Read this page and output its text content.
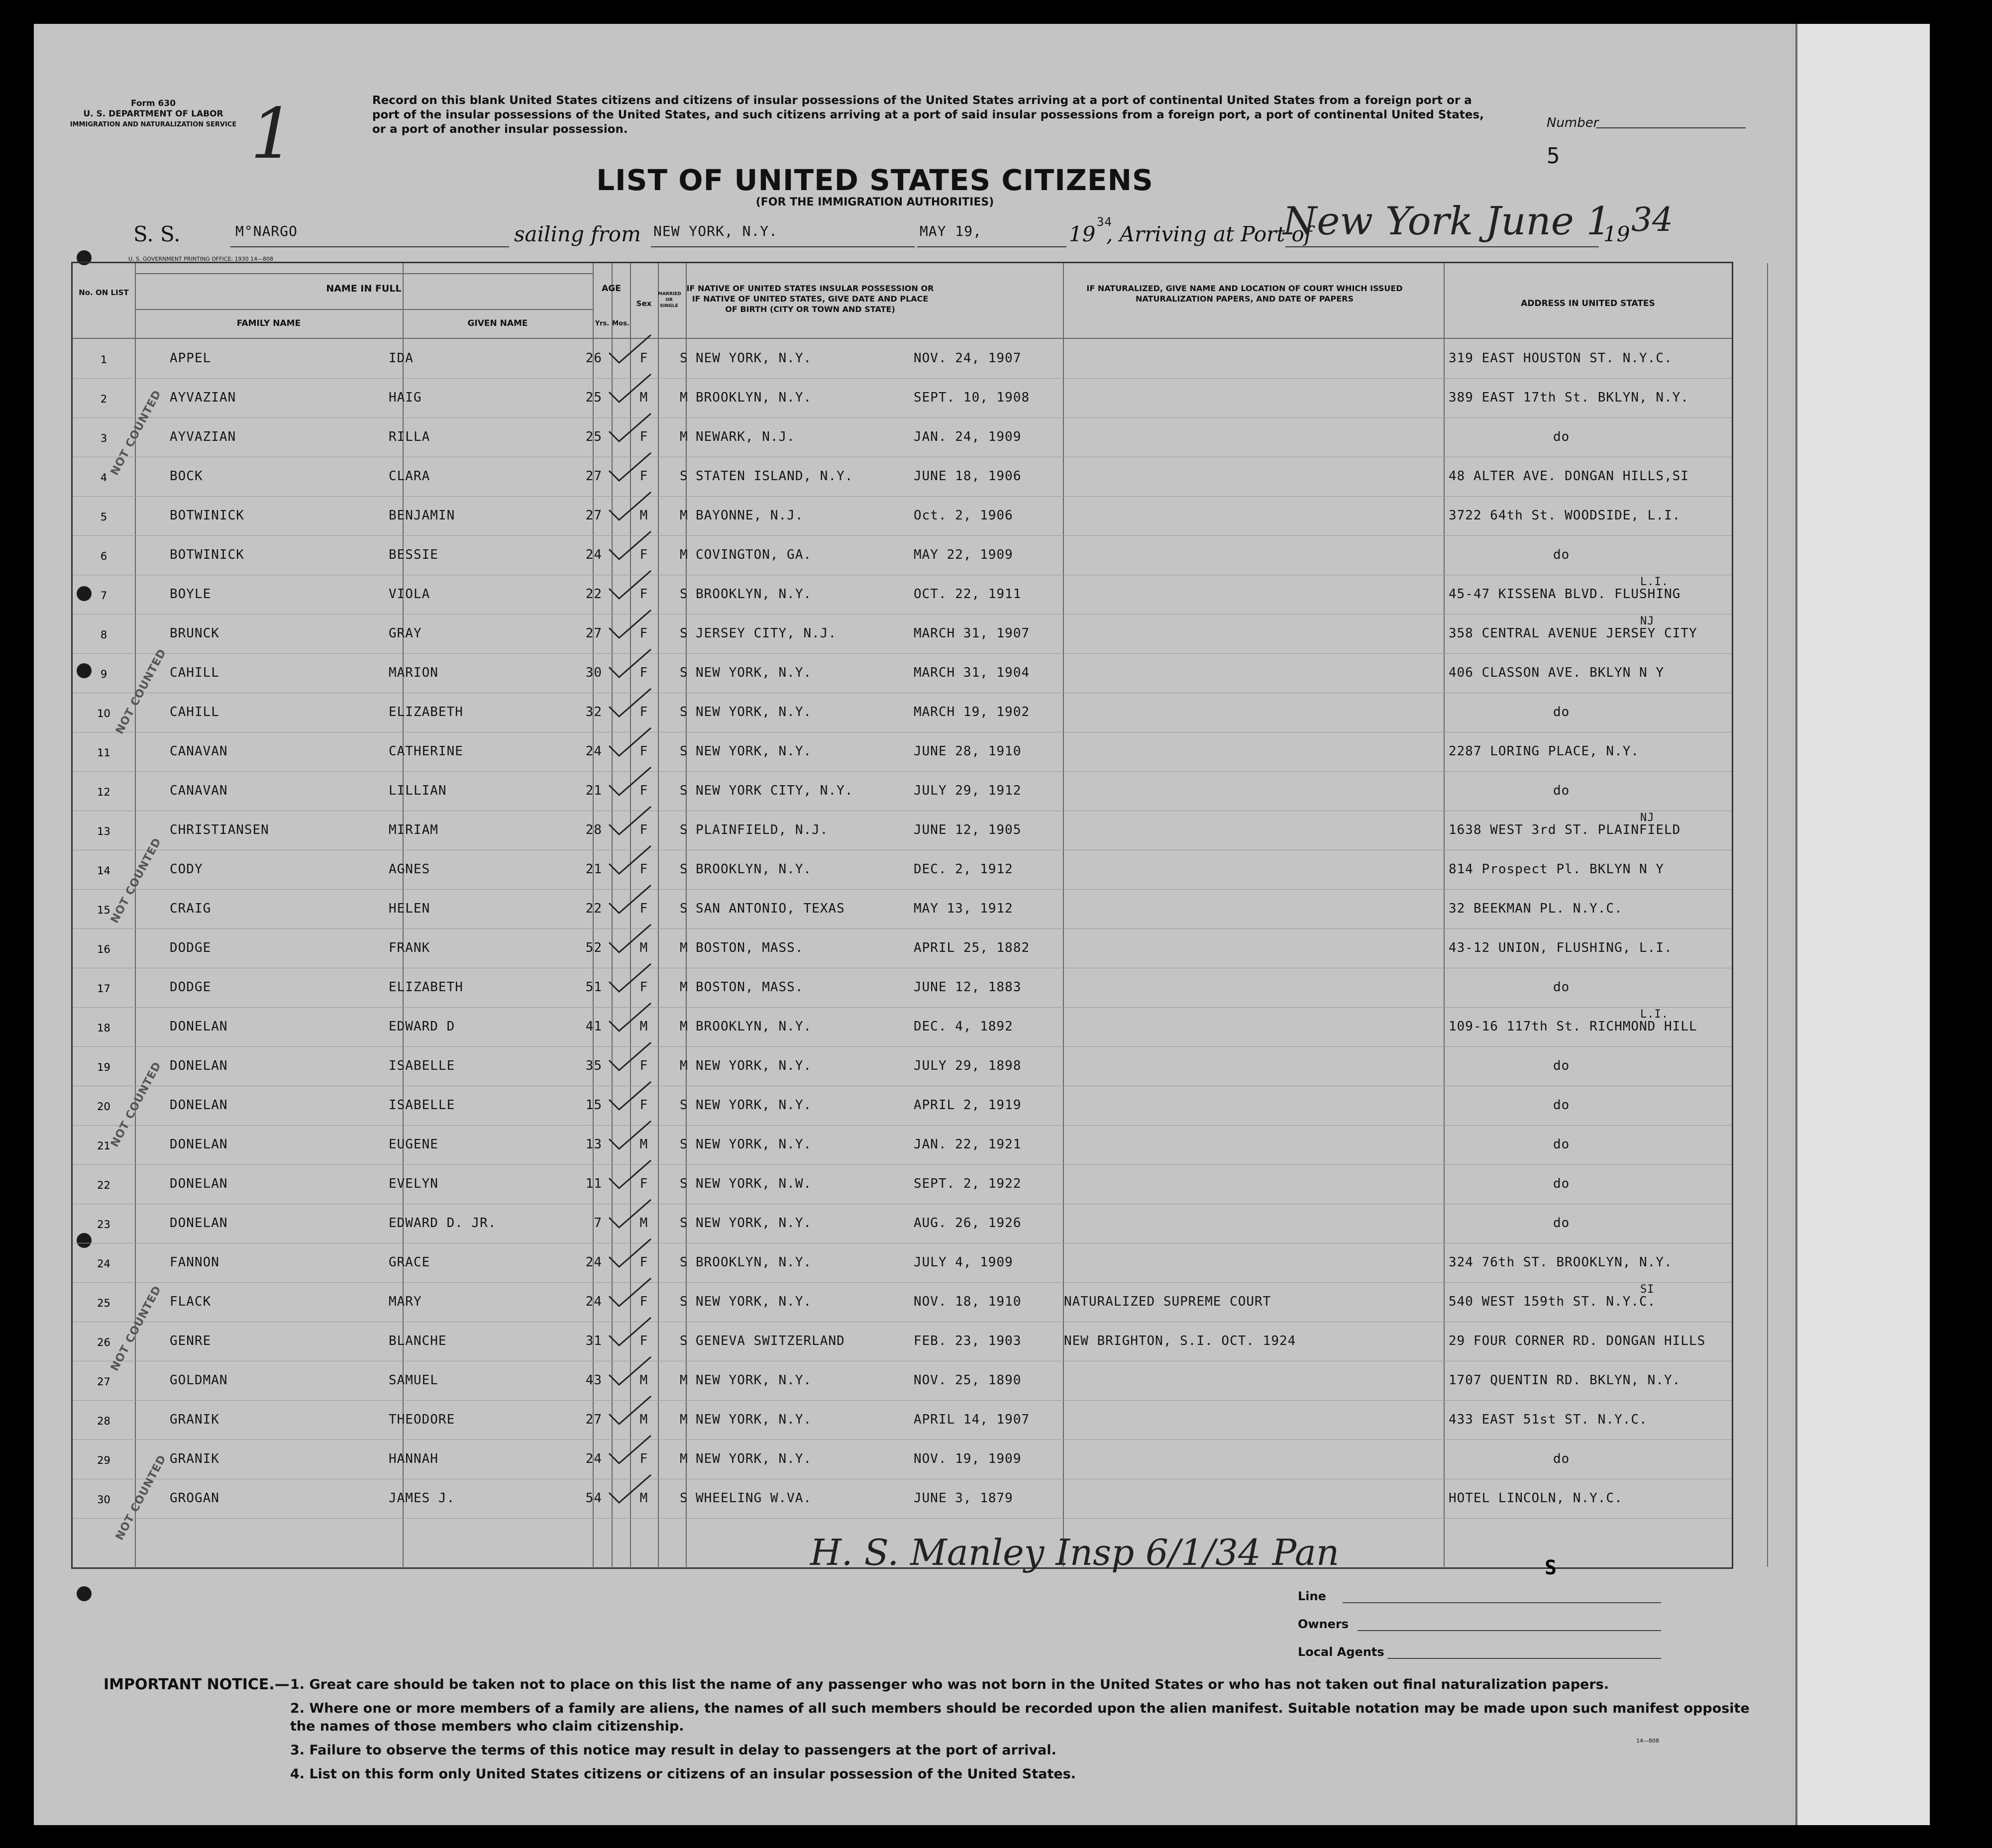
Form 630
U. S. DEPARTMENT OF LABOR
IMMIGRATION AND NATURALIZATION SERVICE 1	Record on this blank United States citizens and citizens of insular possessions of the United States arriving at a port of continental United States from a foreign port or a port of the insular possessions of the United States, and such citizens arriving at a port of said insular possessions from a foreign port, a port of continental United States, or a port of another insular possession.	Number
5
LIST OF UNITED STATES CITIZENS
(FOR THE IMMIGRATION AUTHORITIES)
S. S.	M°NARGO	sailing from NEW YORK, N.Y.	MAY 19,	19 34
, Arriving at Port of
New York June 1
19 34
U. S. GOVERNMENT PRINTING OFFICE: 1930 14—808
No. ON LIST	NAME IN FULL
FAMILY NAME	GIVEN NAME
AGE
Yrs. Mos.
Sex
MARRIED OR SINGLE
IF NATIVE OF UNITED STATES INSULAR POSSESSION OR IF NATIVE OF UNITED STATES, GIVE DATE AND PLACE OF BIRTH (CITY OR TOWN AND STATE)
IF NATURALIZED, GIVE NAME AND LOCATION OF COURT WHICH ISSUED NATURALIZATION PAPERS, AND DATE OF PAPERS	ADDRESS IN UNITED STATES
1	APPEL	IDA	26	F	S NEW YORK, N.Y.	NOV. 24, 1907	319 EAST HOUSTON ST. N.Y.C.
2	AYVAZIAN	HAIG	25	M	M BROOKLYN, N.Y.	SEPT. 10, 1908	389 EAST 17th St. BKLYN, N.Y.
3	AYVAZIAN	RILLA	25	F	M NEWARK, N.J.	JAN. 24, 1909	do
4	BOCK	CLARA	27	F	S STATEN ISLAND, N.Y.	JUNE 18, 1906	48 ALTER AVE. DONGAN HILLS,SI
5	BOTWINICK	BENJAMIN	27	M	M BAYONNE, N.J.	Oct. 2, 1906	3722 64th St. WOODSIDE, L.I.
6	BOTWINICK	BESSIE	24	F	M COVINGTON, GA.	MAY 22, 1909	do
7	BOYLE	VIOLA	22	F	S BROOKLYN, N.Y.	OCT. 22, 1911	45-47 KISSENA BLVD. FLUSHING
L.I.
8	BRUNCK	GRAY	27	F	S JERSEY CITY, N.J.	MARCH 31, 1907	358 CENTRAL AVENUE JERSEY CITY
NJ
9	CAHILL	MARION	30	F	S NEW YORK, N.Y.	MARCH 31, 1904	406 CLASSON AVE. BKLYN N Y
10	CAHILL	ELIZABETH	32	F	S NEW YORK, N.Y.	MARCH 19, 1902	do
11	CANAVAN	CATHERINE	24	F	S NEW YORK, N.Y.	JUNE 28, 1910	2287 LORING PLACE, N.Y.
12	CANAVAN	LILLIAN	21	F	S NEW YORK CITY, N.Y.	JULY 29, 1912	do
13	CHRISTIANSEN	MIRIAM	28	F	S PLAINFIELD, N.J.	JUNE 12, 1905	1638 WEST 3rd ST. PLAINFIELD
NJ
14	CODY	AGNES	21	F	S BROOKLYN, N.Y.	DEC. 2, 1912	814 Prospect Pl. BKLYN N Y
15	CRAIG	HELEN	22	F	S SAN ANTONIO, TEXAS	MAY 13, 1912	32 BEEKMAN PL. N.Y.C.
16	DODGE	FRANK	52	M	M BOSTON, MASS.	APRIL 25, 1882	43-12 UNION, FLUSHING, L.I.
17	DODGE	ELIZABETH	51	F	M BOSTON, MASS.	JUNE 12, 1883	do
18	DONELAN	EDWARD D	41	M	M BROOKLYN, N.Y.	DEC. 4, 1892	109-16 117th St. RICHMOND HILL
L.I.
19	DONELAN	ISABELLE	35	F	M NEW YORK, N.Y.	JULY 29, 1898	do
20	DONELAN	ISABELLE	15	F	S NEW YORK, N.Y.	APRIL 2, 1919	do
21	DONELAN	EUGENE	13	M	S NEW YORK, N.Y.	JAN. 22, 1921	do
22	DONELAN	EVELYN	11	F	S NEW YORK, N.W.	SEPT. 2, 1922	do
23	DONELAN	EDWARD D. JR.	7	M	S NEW YORK, N.Y.	AUG. 26, 1926	do
24	FANNON	GRACE	24	F	S BROOKLYN, N.Y.	JULY 4, 1909	324 76th ST. BROOKLYN, N.Y.
25	FLACK	MARY	24	F	S NEW YORK, N.Y.	NOV. 18, 1910	NATURALIZED SUPREME COURT	540 WEST 159th ST. N.Y.C.
SI
26	GENRE	BLANCHE	31	F	S GENEVA SWITZERLAND	FEB. 23, 1903	NEW BRIGHTON, S.I. OCT. 1924	29 FOUR CORNER RD. DONGAN HILLS
27	GOLDMAN	SAMUEL	43	M	M NEW YORK, N.Y.	NOV. 25, 1890	1707 QUENTIN RD. BKLYN, N.Y.
28	GRANIK	THEODORE	27	M	M NEW YORK, N.Y.	APRIL 14, 1907	433 EAST 51st ST. N.Y.C.
29	GRANIK	HANNAH	24	F	M NEW YORK, N.Y.	NOV. 19, 1909	do
30	GROGAN	JAMES J.	54	M	S WHEELING W.VA.	JUNE 3, 1879	HOTEL LINCOLN, N.Y.C.
H. S. Manley Insp 6/1/34 Pan	S
Line
Owners
Local Agents
IMPORTANT NOTICE.— 1. Great care should be taken not to place on this list the name of any passenger who was not born in the United States or who has not taken out final naturalization papers.
2. Where one or more members of a family are aliens, the names of all such members should be recorded upon the alien manifest. Suitable notation may be made upon such manifest opposite the names of those members who claim citizenship.
3. Failure to observe the terms of this notice may result in delay to passengers at the port of arrival.
4. List on this form only United States citizens or citizens of an insular possession of the United States.
14—808
NOT COUNTED
NOT COUNTED
NOT COUNTED
NOT COUNTED
NOT COUNTED
NOT COUNTED
